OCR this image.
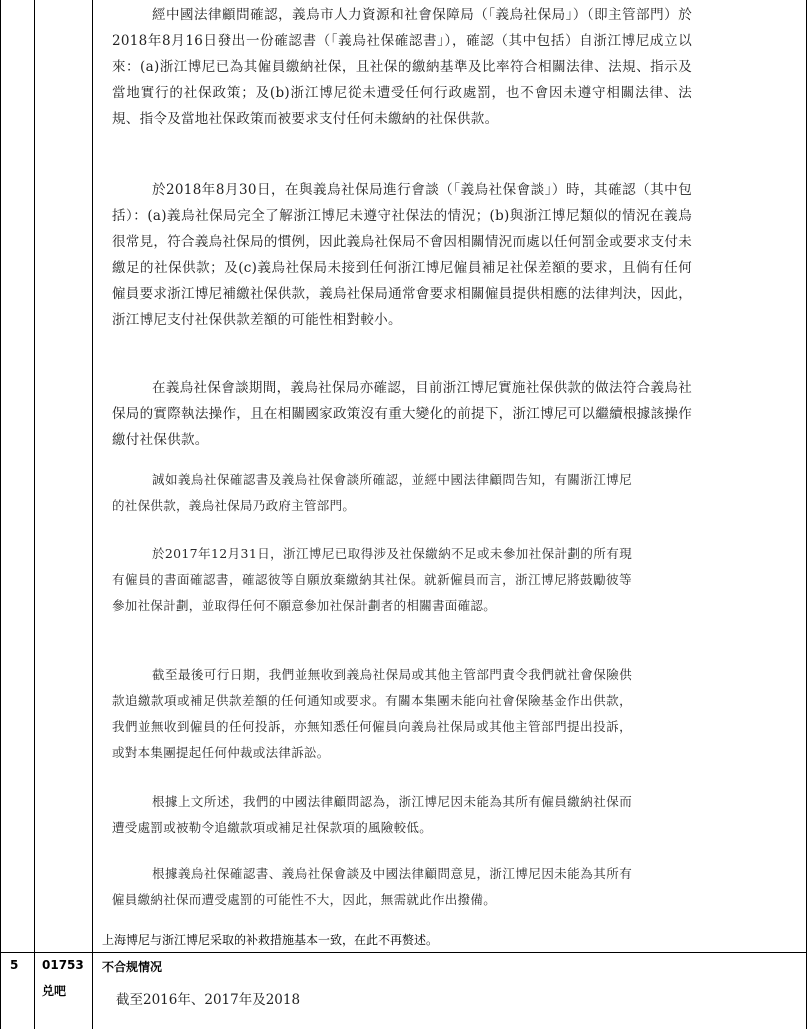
經中國法律顧問確認，義烏市人力資源和社會保障局（「義烏社保局」）（即主管部門）於2018年8月16日發出一份確認書（「義烏社保確認書」），確認（其中包括）自浙江博尼成立以來：(a)浙江博尼已為其僱員繳納社保，且社保的繳納基準及比率符合相關法律、法規、指示及當地實行的社保政策；及(b)浙江博尼從未遭受任何行政處罰，也不會因未遵守相關法律、法規、指令及當地社保政策而被要求支付任何未繳納的社保供款。

於2018年8月30日，在與義烏社保局進行會談（「義烏社保會談」）時，其確認（其中包括）：(a)義烏社保局完全了解浙江博尼未遵守社保法的情況；(b)與浙江博尼類似的情況在義烏很常見，符合義烏社保局的慣例，因此義烏社保局不會因相關情況而處以任何罰金或要求支付未繳足的社保供款；及(c)義烏社保局未接到任何浙江博尼僱員補足社保差額的要求，且倘有任何僱員要求浙江博尼補繳社保供款，義烏社保局通常會要求相關僱員提供相應的法律判決，因此，浙江博尼支付社保供款差額的可能性相對較小。

在義烏社保會談期間，義烏社保局亦確認，目前浙江博尼實施社保供款的做法符合義烏社保局的實際執法操作，且在相關國家政策沒有重大變化的前提下，浙江博尼可以繼續根據該操作繳付社保供款。

誠如義烏社保確認書及義烏社保會談所確認，並經中國法律顧問告知，有關浙江博尼的社保供款，義烏社保局乃政府主管部門。

於2017年12月31日，浙江博尼已取得涉及社保繳納不足或未參加社保計劃的所有現有僱員的書面確認書，確認彼等自願放棄繳納其社保。就新僱員而言，浙江博尼將鼓勵彼等參加社保計劃，並取得任何不願意參加社保計劃者的相關書面確認。

截至最後可行日期，我們並無收到義烏社保局或其他主管部門責令我們就社會保險供款追繳款項或補足供款差額的任何通知或要求。有關本集團未能向社會保險基金作出供款，我們並無收到僱員的任何投訴，亦無知悉任何僱員向義烏社保局或其他主管部門提出投訴，或對本集團提起任何仲裁或法律訴訟。

根據上文所述，我們的中國法律顧問認為，浙江博尼因未能為其所有僱員繳納社保而遭受處罰或被勒令追繳款項或補足社保款項的風險較低。

根據義烏社保確認書、義烏社保會談及中國法律顧問意見，浙江博尼因未能為其所有僱員繳納社保而遭受處罰的可能性不大，因此，無需就此作出撥備。

上海博尼与浙江博尼采取的补救措施基本一致，在此不再赘述。
5 01753
兑吧
不合规情况
截至2016年、2017年及2018
